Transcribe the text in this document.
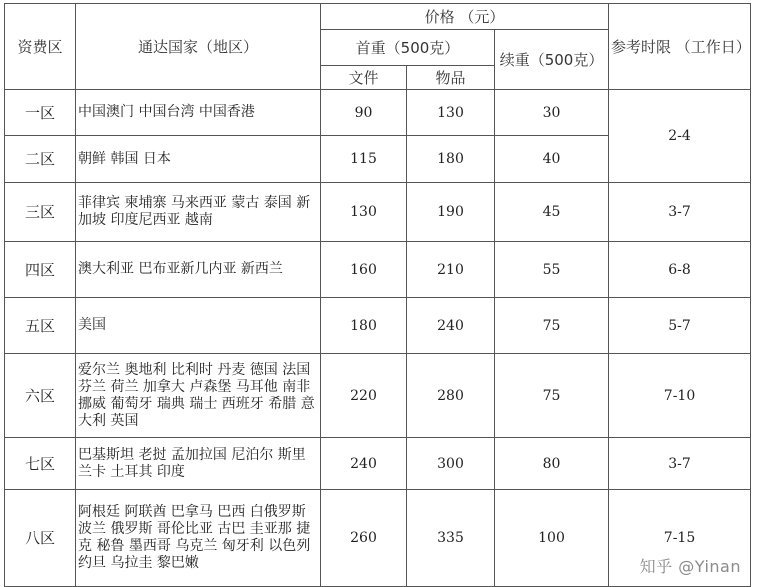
资费区	通达国家（地区）	价格 （元）			参考时限 （工作日）
		首重（500克）		续重（500克）	
		文件	物品		
一区	中国澳门 中国台湾 中国香港	90	130	30	2-4
二区	朝鲜 韩国 日本	115	180	40	
三区	菲律宾 柬埔寨 马来西亚 蒙古 泰国 新加坡 印度尼西亚 越南	130	190	45	3-7
四区	澳大利亚 巴布亚新几内亚 新西兰	160	210	55	6-8
五区	美国	180	240	75	5-7
六区	爱尔兰 奥地利 比利时 丹麦 德国 法国 芬兰 荷兰 加拿大 卢森堡 马耳他 南非 挪威 葡萄牙 瑞典 瑞士 西班牙 希腊 意大利 英国	220	280	75	7-10
七区	巴基斯坦 老挝 孟加拉国 尼泊尔 斯里兰卡 土耳其 印度	240	300	80	3-7
八区	阿根廷 阿联酋 巴拿马 巴西 白俄罗斯 波兰 俄罗斯 哥伦比亚 古巴 圭亚那 捷克 秘鲁 墨西哥 乌克兰 匈牙利 以色列 约旦 乌拉圭 黎巴嫩	260	335	100	7-15
知乎 @Yinan
